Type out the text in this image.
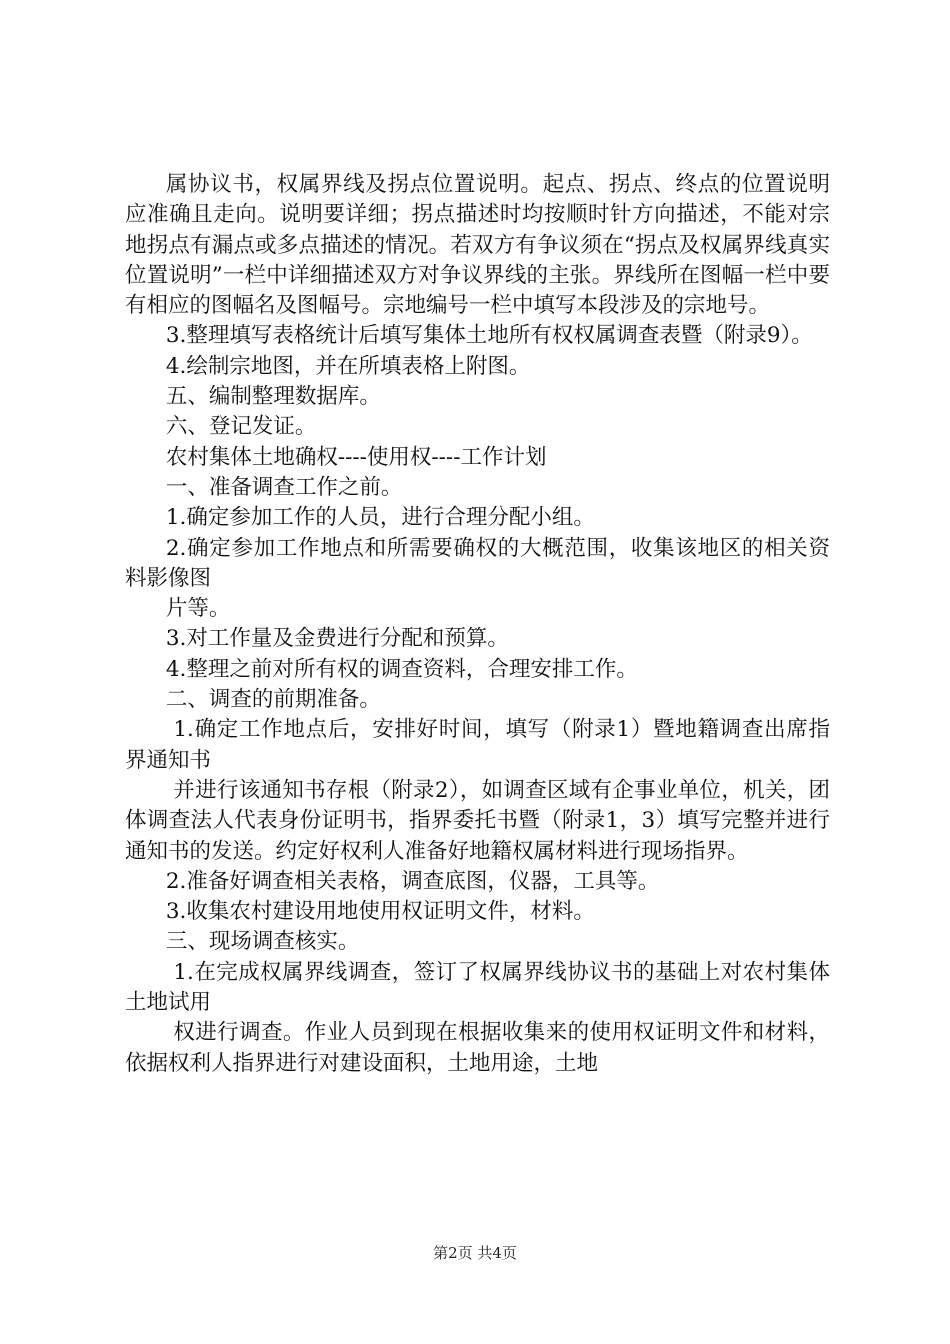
属协议书，权属界线及拐点位置说明。起点、拐点、终点的位置说明应准确且走向。说明要详细；拐点描述时均按顺时针方向描述，不能对宗地拐点有漏点或多点描述的情况。若双方有争议须在“拐点及权属界线真实位置说明”一栏中详细描述双方对争议界线的主张。界线所在图幅一栏中要有相应的图幅名及图幅号。宗地编号一栏中填写本段涉及的宗地号。

3.整理填写表格统计后填写集体土地所有权权属调查表暨（附录9）。

4.绘制宗地图，并在所填表格上附图。

五、编制整理数据库。

六、登记发证。

农村集体土地确权----使用权----工作计划

一、准备调查工作之前。

1.确定参加工作的人员，进行合理分配小组。

2.确定参加工作地点和所需要确权的大概范围，收集该地区的相关资料影像图

片等。

3.对工作量及金费进行分配和预算。

4.整理之前对所有权的调查资料，合理安排工作。

二、调查的前期准备。

1.确定工作地点后，安排好时间，填写（附录1）暨地籍调查出席指界通知书

并进行该通知书存根（附录2），如调查区域有企事业单位，机关，团体调查法人代表身份证明书，指界委托书暨（附录1，3）填写完整并进行通知书的发送。约定好权利人准备好地籍权属材料进行现场指界。

2.准备好调查相关表格，调查底图，仪器，工具等。

3.收集农村建设用地使用权证明文件，材料。

三、现场调查核实。

1.在完成权属界线调查，签订了权属界线协议书的基础上对农村集体土地试用

权进行调查。作业人员到现在根据收集来的使用权证明文件和材料，依据权利人指界进行对建设面积，土地用途，土地

第2页 共4页
